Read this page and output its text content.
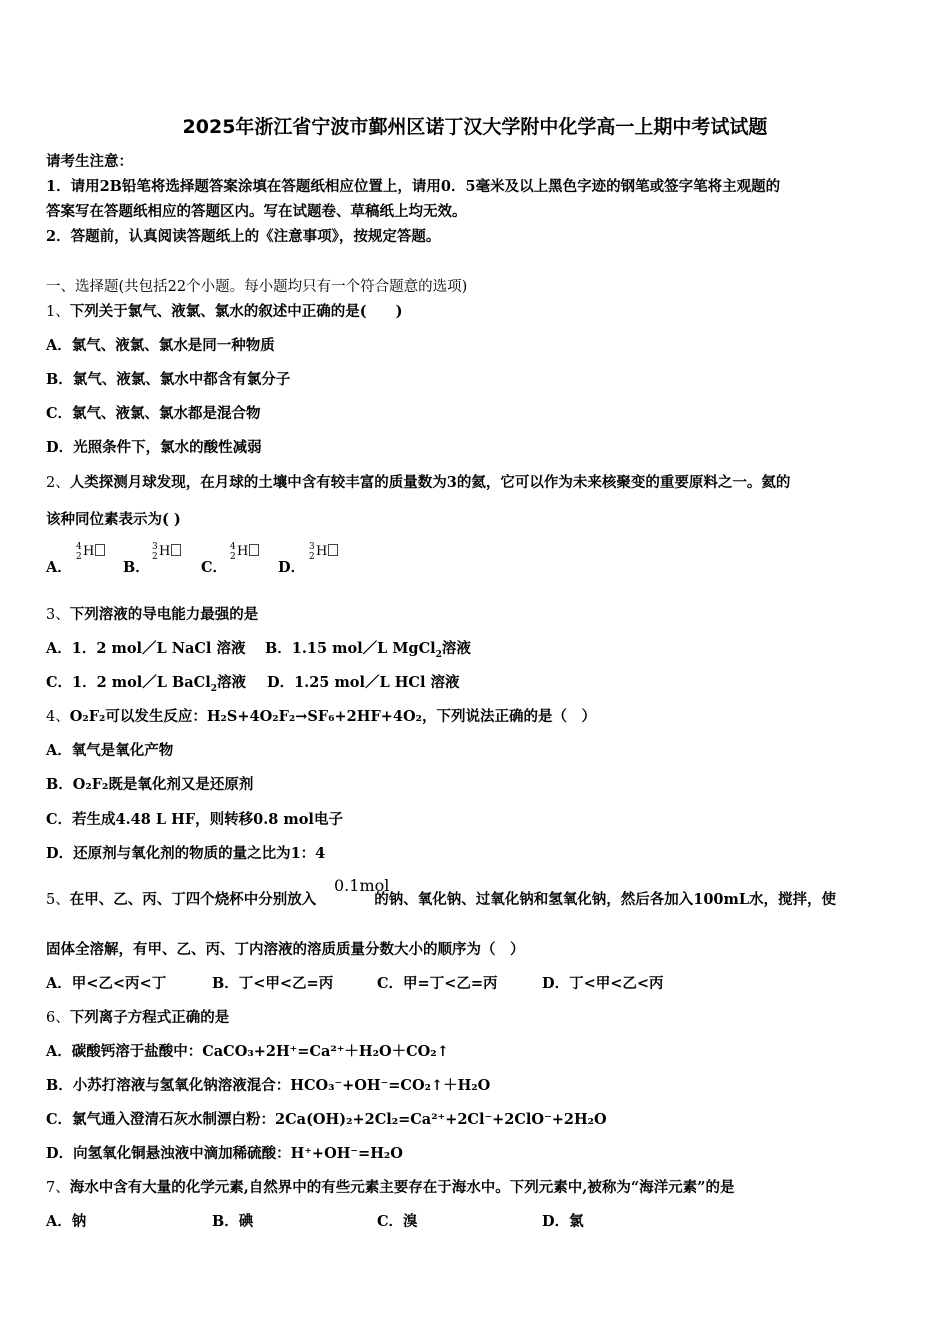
2025年浙江省宁波市鄞州区诺丁汉大学附中化学高一上期中考试试题
请考生注意：
1．请用2B铅笔将选择题答案涂填在答题纸相应位置上，请用0．5毫米及以上黑色字迹的钢笔或签字笔将主观题的
答案写在答题纸相应的答题区内。写在试题卷、草稿纸上均无效。
2．答题前，认真阅读答题纸上的《注意事项》，按规定答题。
一、选择题(共包括22个小题。每小题均只有一个符合题意的选项)
1、下列关于氯气、液氯、氯水的叙述中正确的是(　　)
A．氯气、液氯、氯水是同一种物质
B．氯气、液氯、氯水中都含有氯分子
C．氯气、液氯、氯水都是混合物
D．光照条件下，氯水的酸性减弱
2、人类探测月球发现，在月球的土壤中含有较丰富的质量数为3的氦，它可以作为未来核聚变的重要原料之一。氦的
该种同位素表示为( )
A．
4
2 H
B．
3
2 H
C．
4
2 H
D．
3
2 H
3、下列溶液的导电能力最强的是
A．1．2 mol／L NaCl 溶液 B．1.15 mol／L MgCl$_2$溶液
C．1．2 mol／L BaCl$_2$溶液 D．1.25 mol／L HCl 溶液
4、O₂F₂可以发生反应：H₂S+4O₂F₂→SF₆+2HF+4O₂，下列说法正确的是（　）
A．氧气是氧化产物
B．O₂F₂既是氧化剂又是还原剂
C．若生成4.48 L HF，则转移0.8 mol电子
D．还原剂与氧化剂的物质的量之比为1：4
5、在甲、乙、丙、丁四个烧杯中分别放入	的钠、氧化钠、过氧化钠和氢氧化钠，然后各加入100mL水，搅拌，使
0.1mol
固体全溶解，有甲、乙、丙、丁内溶液的溶质质量分数大小的顺序为（　）
A．甲<乙<丙<丁	B．丁<甲<乙=丙	C．甲=丁<乙=丙	D．丁<甲<乙<丙
6、下列离子方程式正确的是
A．碳酸钙溶于盐酸中：CaCO₃+2H⁺=Ca²⁺＋H₂O＋CO₂↑
B．小苏打溶液与氢氧化钠溶液混合：HCO₃⁻+OH⁻=CO₂↑＋H₂O
C．氯气通入澄清石灰水制漂白粉：2Ca(OH)₂+2Cl₂=Ca²⁺+2Cl⁻+2ClO⁻+2H₂O
D．向氢氧化铜悬浊液中滴加稀硫酸：H⁺+OH⁻=H₂O
7、海水中含有大量的化学元素,自然界中的有些元素主要存在于海水中。下列元素中,被称为“海洋元素”的是
A．钠	B．碘	C．溴	D．氯
